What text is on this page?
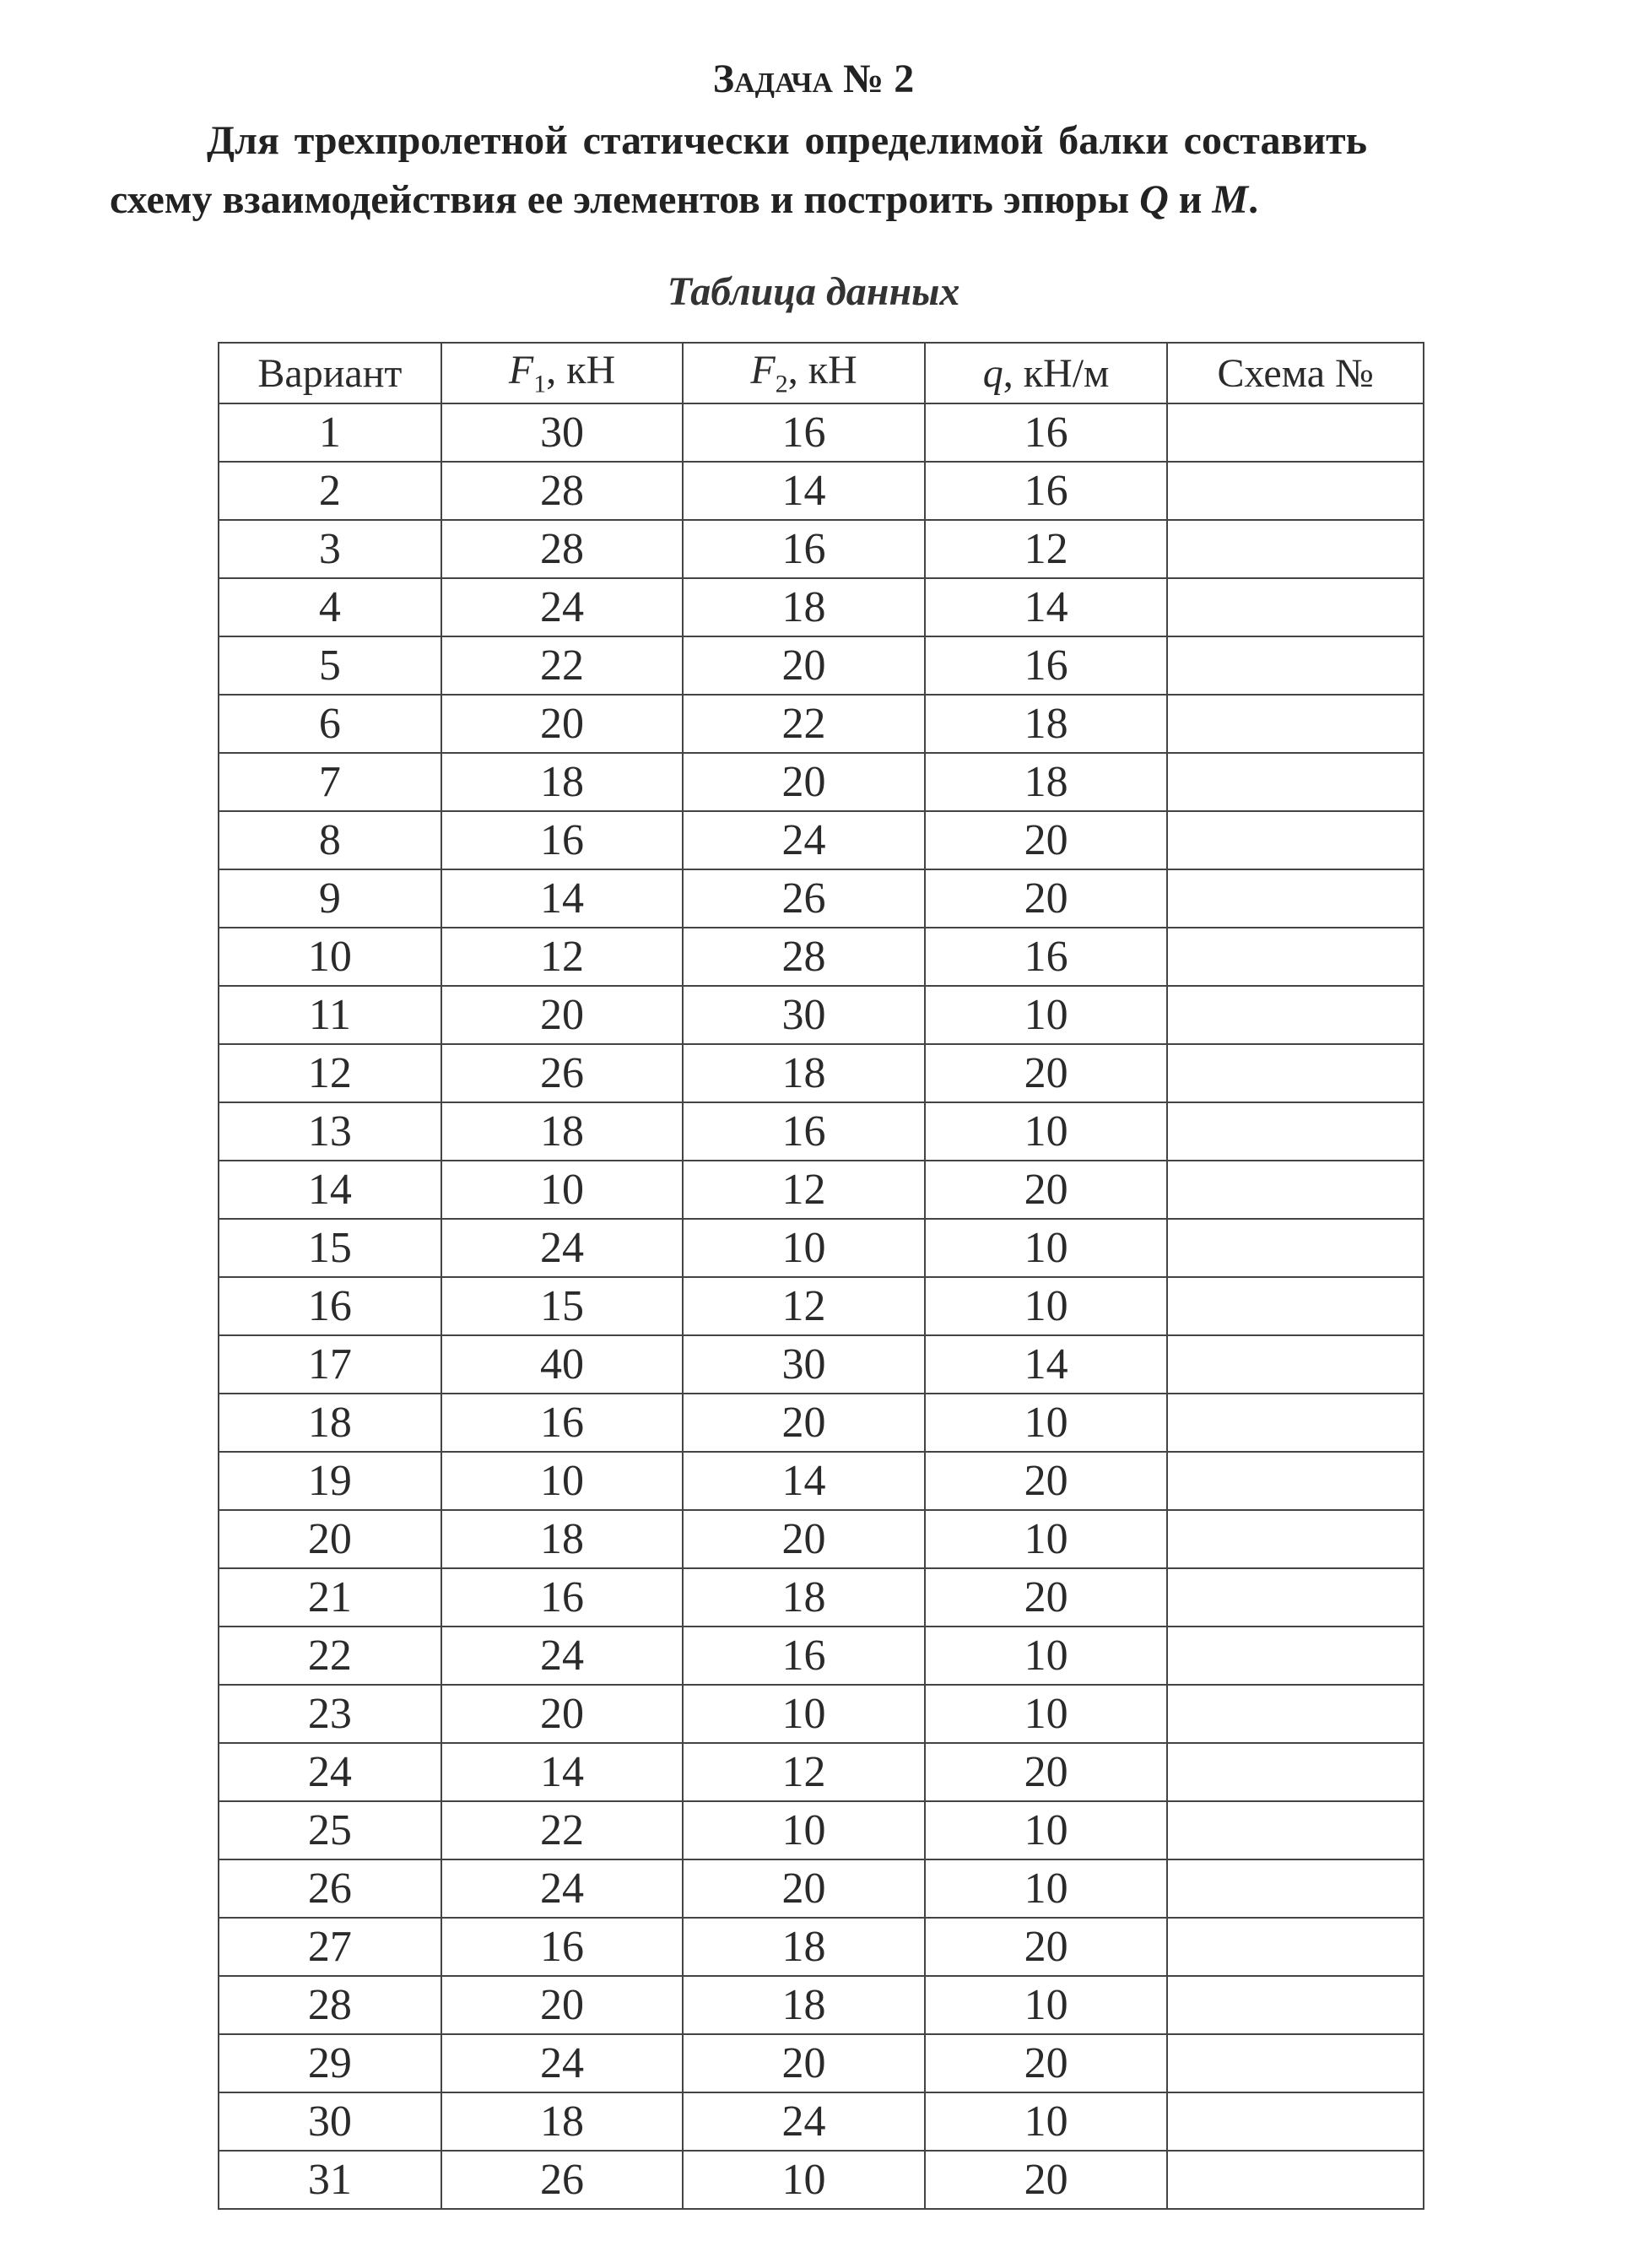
Задача № 2
Для трехпролетной статически определимой балки составить схему взаимодействия ее элементов и построить эпюры Q и M.
Таблица данных
Вариант	$F_1$, кН	$F_2$, кН	q, кН/м	Схема №
1	30	16	16	
2	28	14	16	
3	28	16	12	
4	24	18	14	
5	22	20	16	
6	20	22	18	
7	18	20	18	
8	16	24	20	
9	14	26	20	
10	12	28	16	
11	20	30	10	
12	26	18	20	
13	18	16	10	
14	10	12	20	
15	24	10	10	
16	15	12	10	
17	40	30	14	
18	16	20	10	
19	10	14	20	
20	18	20	10	
21	16	18	20	
22	24	16	10	
23	20	10	10	
24	14	12	20	
25	22	10	10	
26	24	20	10	
27	16	18	20	
28	20	18	10	
29	24	20	20	
30	18	24	10	
31	26	10	20	
